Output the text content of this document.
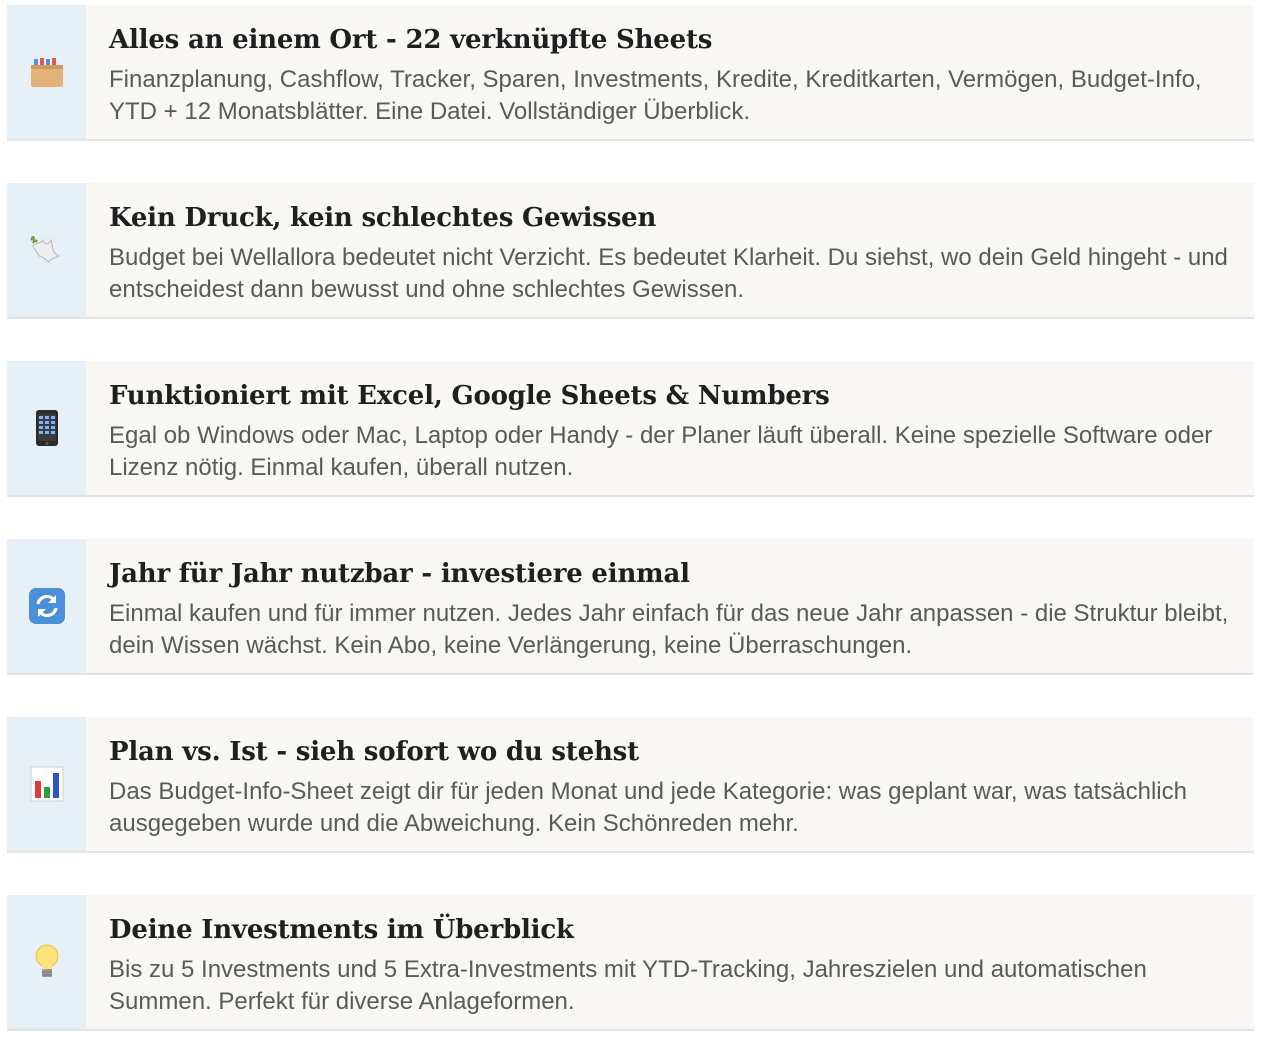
Alles an einem Ort - 22 verknüpfte Sheets
Finanzplanung, Cashflow, Tracker, Sparen, Investments, Kredite, Kreditkarten, Vermögen, Budget-Info, YTD + 12 Monatsblätter. Eine Datei. Vollständiger Überblick.
Kein Druck, kein schlechtes Gewissen
Budget bei Wellallora bedeutet nicht Verzicht. Es bedeutet Klarheit. Du siehst, wo dein Geld hingeht - und entscheidest dann bewusst und ohne schlechtes Gewissen.
Funktioniert mit Excel, Google Sheets & Numbers
Egal ob Windows oder Mac, Laptop oder Handy - der Planer läuft überall. Keine spezielle Software oder Lizenz nötig. Einmal kaufen, überall nutzen.
Jahr für Jahr nutzbar - investiere einmal
Einmal kaufen und für immer nutzen. Jedes Jahr einfach für das neue Jahr anpassen - die Struktur bleibt, dein Wissen wächst. Kein Abo, keine Verlängerung, keine Überraschungen.
Plan vs. Ist - sieh sofort wo du stehst
Das Budget-Info-Sheet zeigt dir für jeden Monat und jede Kategorie: was geplant war, was tatsächlich ausgegeben wurde und die Abweichung. Kein Schönreden mehr.
Deine Investments im Überblick
Bis zu 5 Investments und 5 Extra-Investments mit YTD-Tracking, Jahreszielen und automatischen Summen. Perfekt für diverse Anlageformen.
